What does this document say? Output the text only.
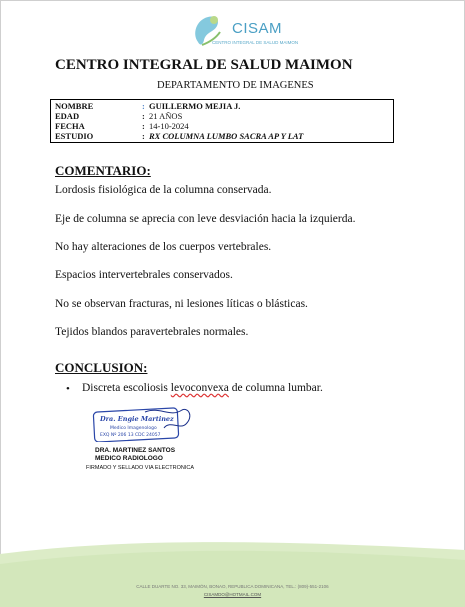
CISAM
CENTRO INTEGRAL DE SALUD MAIMON
CENTRO INTEGRAL DE SALUD MAIMON
DEPARTAMENTO DE IMAGENES
NOMBRE	: GUILLERMO MEJIA J.
EDAD	: 21 AÑOS
FECHA	: 14-10-2024
ESTUDIO	: RX COLUMNA LUMBO SACRA AP Y LAT
COMENTARIO:
Lordosis fisiológica de la columna conservada.
Eje de columna se aprecia con leve desviación hacia la izquierda.
No hay alteraciones de los cuerpos vertebrales.
Espacios intervertebrales conservados.
No se observan fracturas, ni lesiones líticas o blásticas.
Tejidos blandos paravertebrales normales.
CONCLUSION:
• Discreta escoliosis levoconvexa de columna lumbar.
Dra. Engie Martinez
Medico Imagenologo
EXQ Nº 206 13 CDC 24057
DRA. MARTINEZ SANTOS
MEDICO RADIOLOGO
FIRMADO Y SELLADO VIA ELECTRONICA
CALLE DUARTE NO. 33, MAIMÓN, BONAO, REPUBLICA DOMINICANA, TEL.: (809)-551-2106
CISAMDO@HOTMAIL.COM
